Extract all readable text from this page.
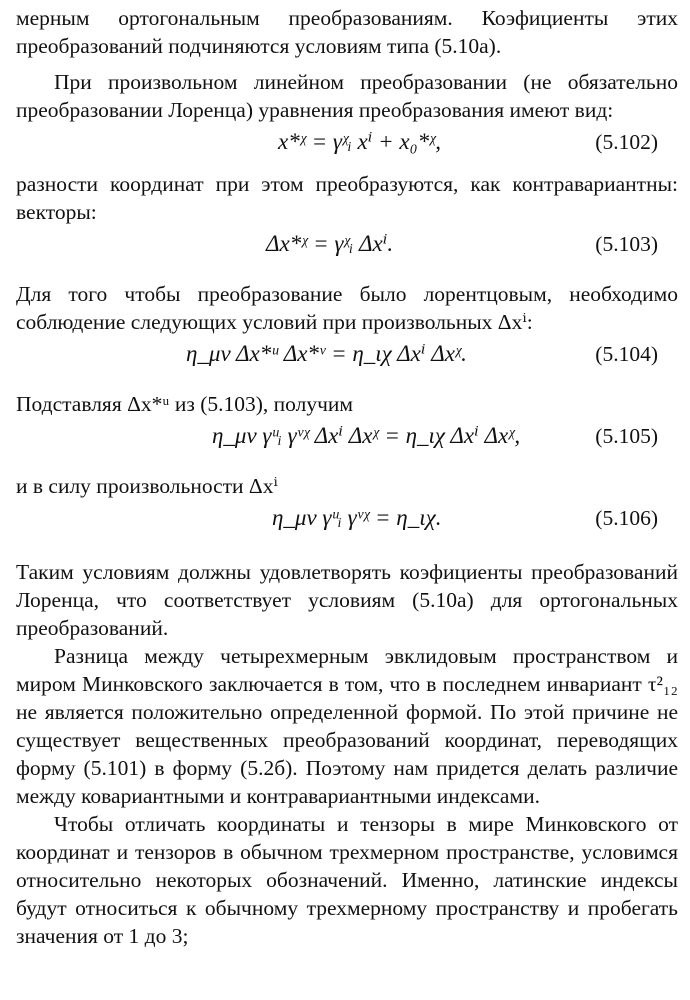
мерным ортогональным преобразованиям. Коэфициенты этих преобразований подчиняются условиям типа (5.10а).

При произвольном линейном преобразовании (не обязательно преобразовании Лоренца) уравнения преобразования имеют вид:

x*ᵡ = γᵡᵢ xⁱ + x₀*ᵡ,	(5.102)

разности координат при этом преобразуются, как контравариантны: векторы:

Δx*ᵡ = γᵡᵢ Δxⁱ.	(5.103)

Для того чтобы преобразование было лорентцовым, необходимо соблюдение следующих условий при произвольных Δxⁱ:

η_μν Δx*ᵘ Δx*ᵛ = η_ιχ Δxⁱ Δxᵡ.	(5.104)

Подставляя Δx*ᵘ из (5.103), получим

η_μν γᵘᵢ γᵛᵡ Δxⁱ Δxᵡ = η_ιχ Δxⁱ Δxᵡ,	(5.105)

и в силу произвольности Δxⁱ

η_μν γᵘᵢ γᵛᵡ = η_ιχ.	(5.106)

Таким условиям должны удовлетворять коэфициенты преобразований Лоренца, что соответствует условиям (5.10а) для ортогональных преобразований.

Разница между четырехмерным эвклидовым пространством и миром Минковского заключается в том, что в последнем инвариант τ²₁₂ не является положительно определенной формой. По этой причине не существует вещественных преобразований координат, переводящих форму (5.101) в форму (5.2б). Поэтому нам придется делать различие между ковариантными и контравариантными индексами.

Чтобы отличать координаты и тензоры в мире Минковского от координат и тензоров в обычном трехмерном пространстве, условимся относительно некоторых обозначений. Именно, латинские индексы будут относиться к обычному трехмерному пространству и пробегать значения от 1 до 3;
